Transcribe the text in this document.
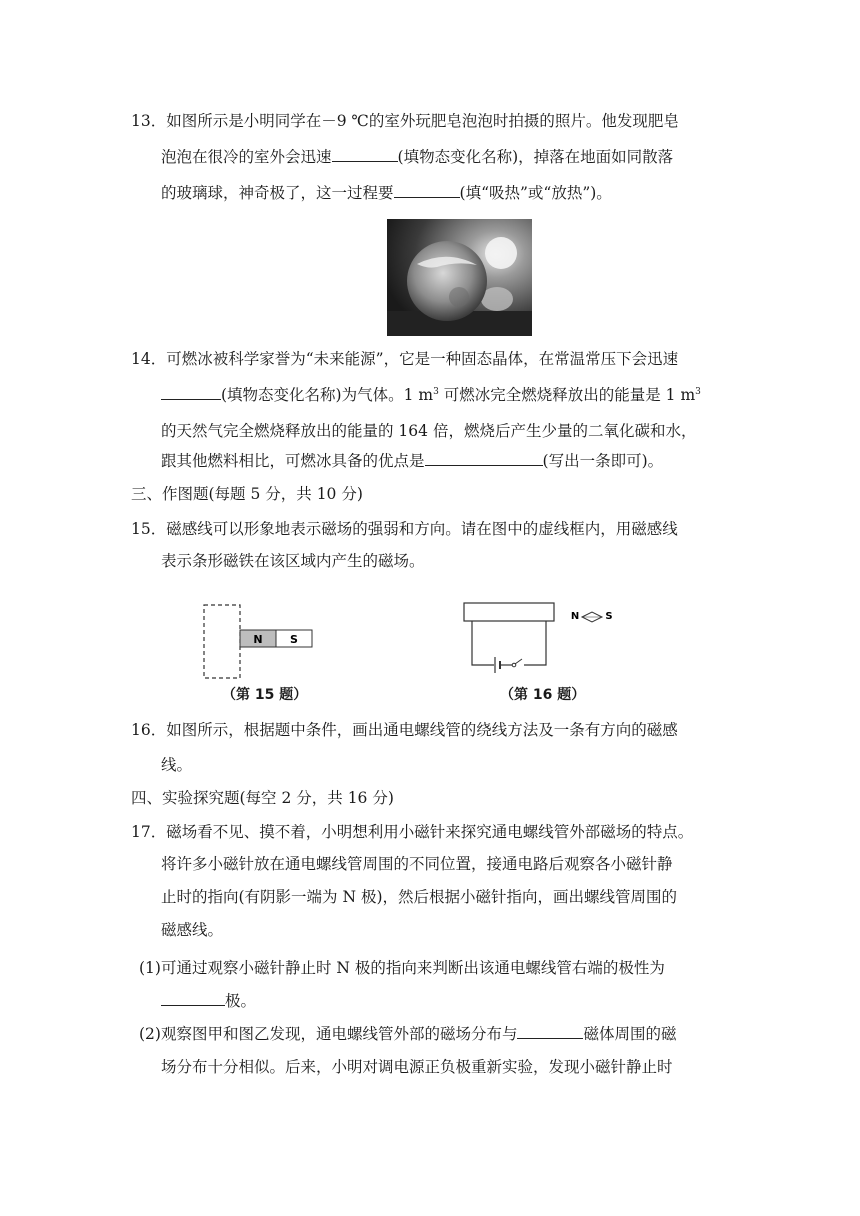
13．如图所示是小明同学在－9 ℃的室外玩肥皂泡泡时拍摄的照片。他发现肥皂
泡泡在很冷的室外会迅速	(填物态变化名称)，掉落在地面如同散落
的玻璃球，神奇极了，这一过程要	(填“吸热”或“放热”)。
14．可燃冰被科学家誉为“未来能源”，它是一种固态晶体，在常温常压下会迅速
(填物态变化名称)为气体。1 $m^3$ 可燃冰完全燃烧释放出的能量是 1 $m^3$
的天然气完全燃烧释放出的能量的 164 倍，燃烧后产生少量的二氧化碳和水，
跟其他燃料相比，可燃冰具备的优点是	(写出一条即可)。
三、作图题(每题 5 分，共 10 分)
15．磁感线可以形象地表示磁场的强弱和方向。请在图中的虚线框内，用磁感线
表示条形磁铁在该区域内产生的磁场。
N S
（第 15 题）
N	S
（第 16 题）
16．如图所示，根据题中条件，画出通电螺线管的绕线方法及一条有方向的磁感
线。
四、实验探究题(每空 2 分，共 16 分)
17．磁场看不见、摸不着，小明想利用小磁针来探究通电螺线管外部磁场的特点。
将许多小磁针放在通电螺线管周围的不同位置，接通电路后观察各小磁针静
止时的指向(有阴影一端为 N 极)，然后根据小磁针指向，画出螺线管周围的
磁感线。
(1)可通过观察小磁针静止时 N 极的指向来判断出该通电螺线管右端的极性为
极。
(2)观察图甲和图乙发现，通电螺线管外部的磁场分布与	磁体周围的磁
场分布十分相似。后来，小明对调电源正负极重新实验，发现小磁针静止时
